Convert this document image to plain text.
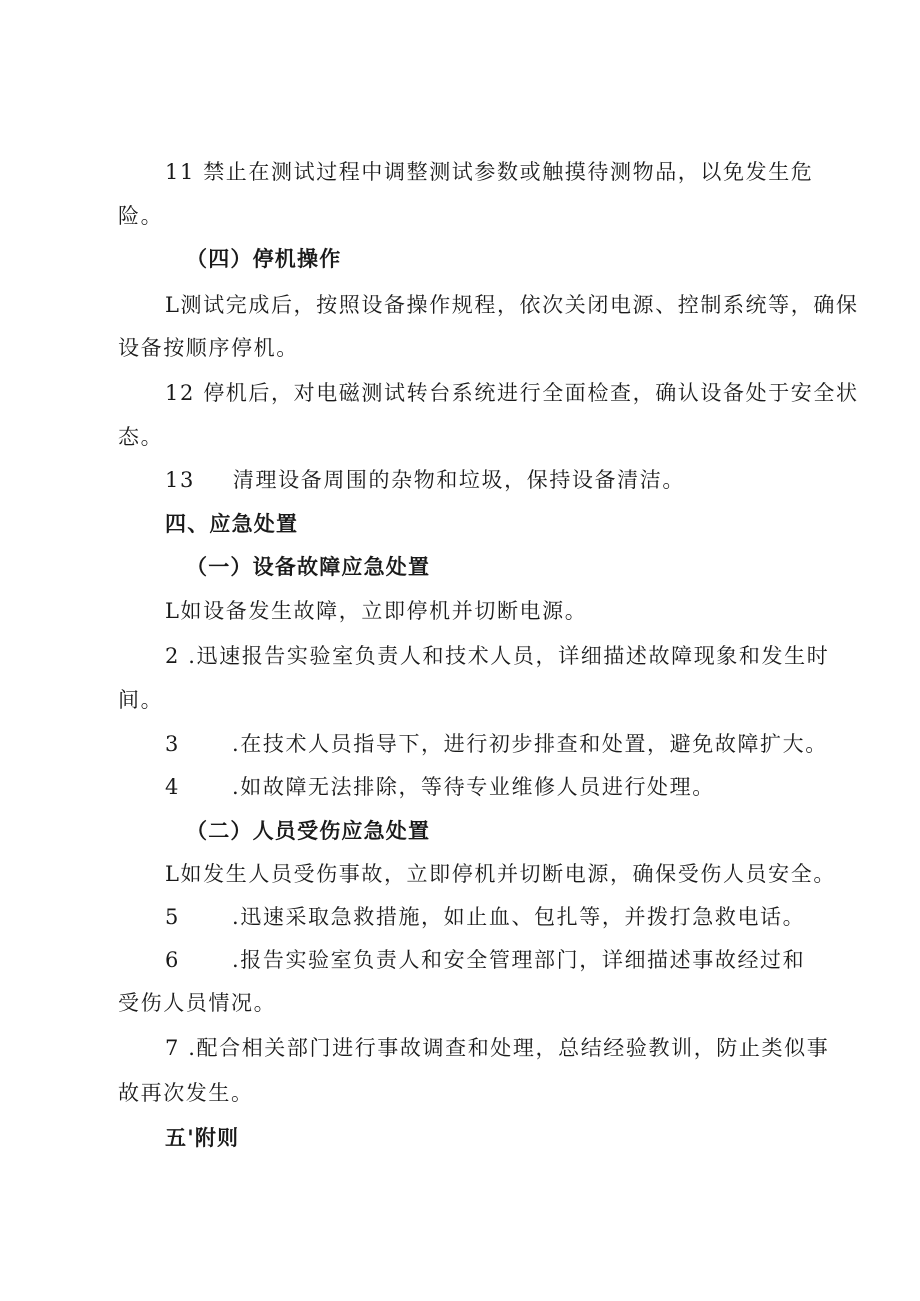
11 禁止在测试过程中调整测试参数或触摸待测物品，以免发生危
险。
（四）停机操作
L测试完成后，按照设备操作规程，依次关闭电源、控制系统等，确保
设备按顺序停机。
12 停机后，对电磁测试转台系统进行全面检查，确认设备处于安全状
态。
13 清理设备周围的杂物和垃圾，保持设备清洁。
四、应急处置
（一）设备故障应急处置
L如设备发生故障，立即停机并切断电源。
2 .迅速报告实验室负责人和技术人员，详细描述故障现象和发生时
间。
3 .在技术人员指导下，进行初步排查和处置，避免故障扩大。
4 .如故障无法排除，等待专业维修人员进行处理。
（二）人员受伤应急处置
L如发生人员受伤事故，立即停机并切断电源，确保受伤人员安全。
5 .迅速采取急救措施，如止血、包扎等，并拨打急救电话。
6 .报告实验室负责人和安全管理部门，详细描述事故经过和
受伤人员情况。
7 .配合相关部门进行事故调查和处理，总结经验教训，防止类似事
故再次发生。
五'附则
